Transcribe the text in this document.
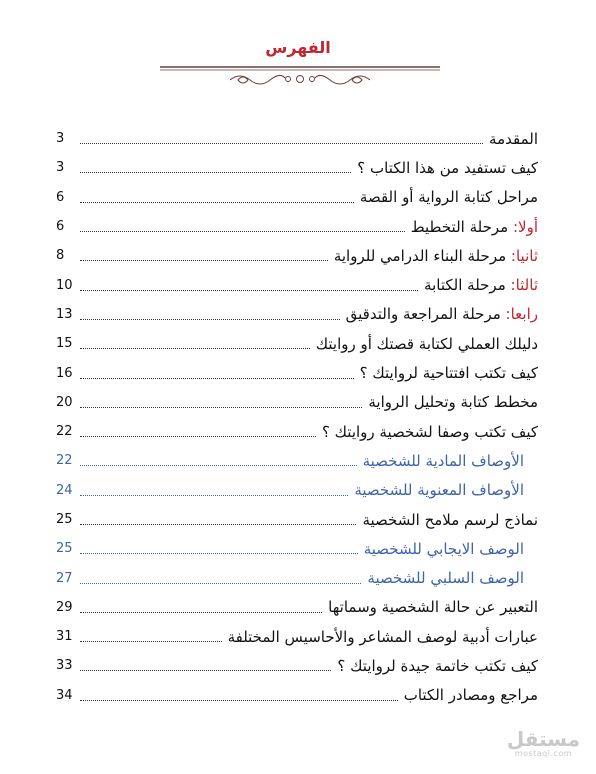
الفهرس
المقدمة
3
كيف تستفيد من هذا الكتاب ؟
3
مراحل كتابة الرواية أو القصة
6
أولا: مرحلة التخطيط
6
ثانيا: مرحلة البناء الدرامي للرواية
8
ثالثا: مرحلة الكتابة
10
رابعا: مرحلة المراجعة والتدقيق
13
دليلك العملي لكتابة قصتك أو روايتك
15
كيف تكتب افتتاحية لروايتك ؟
16
مخطط كتابة وتحليل الرواية
20
كيف تكتب وصفا لشخصية روايتك ؟
22
الأوصاف المادية للشخصية
22
الأوصاف المعنوية للشخصية
24
نماذج لرسم ملامح الشخصية
25
الوصف الايجابي للشخصية
25
الوصف السلبي للشخصية
27
التعبير عن حالة الشخصية وسماتها
29
عبارات أدبية لوصف المشاعر والأحاسيس المختلفة
31
كيف تكتب خاتمة جيدة لروايتك ؟
33
مراجع ومصادر الكتاب
34
مستقل
mostaql.com
